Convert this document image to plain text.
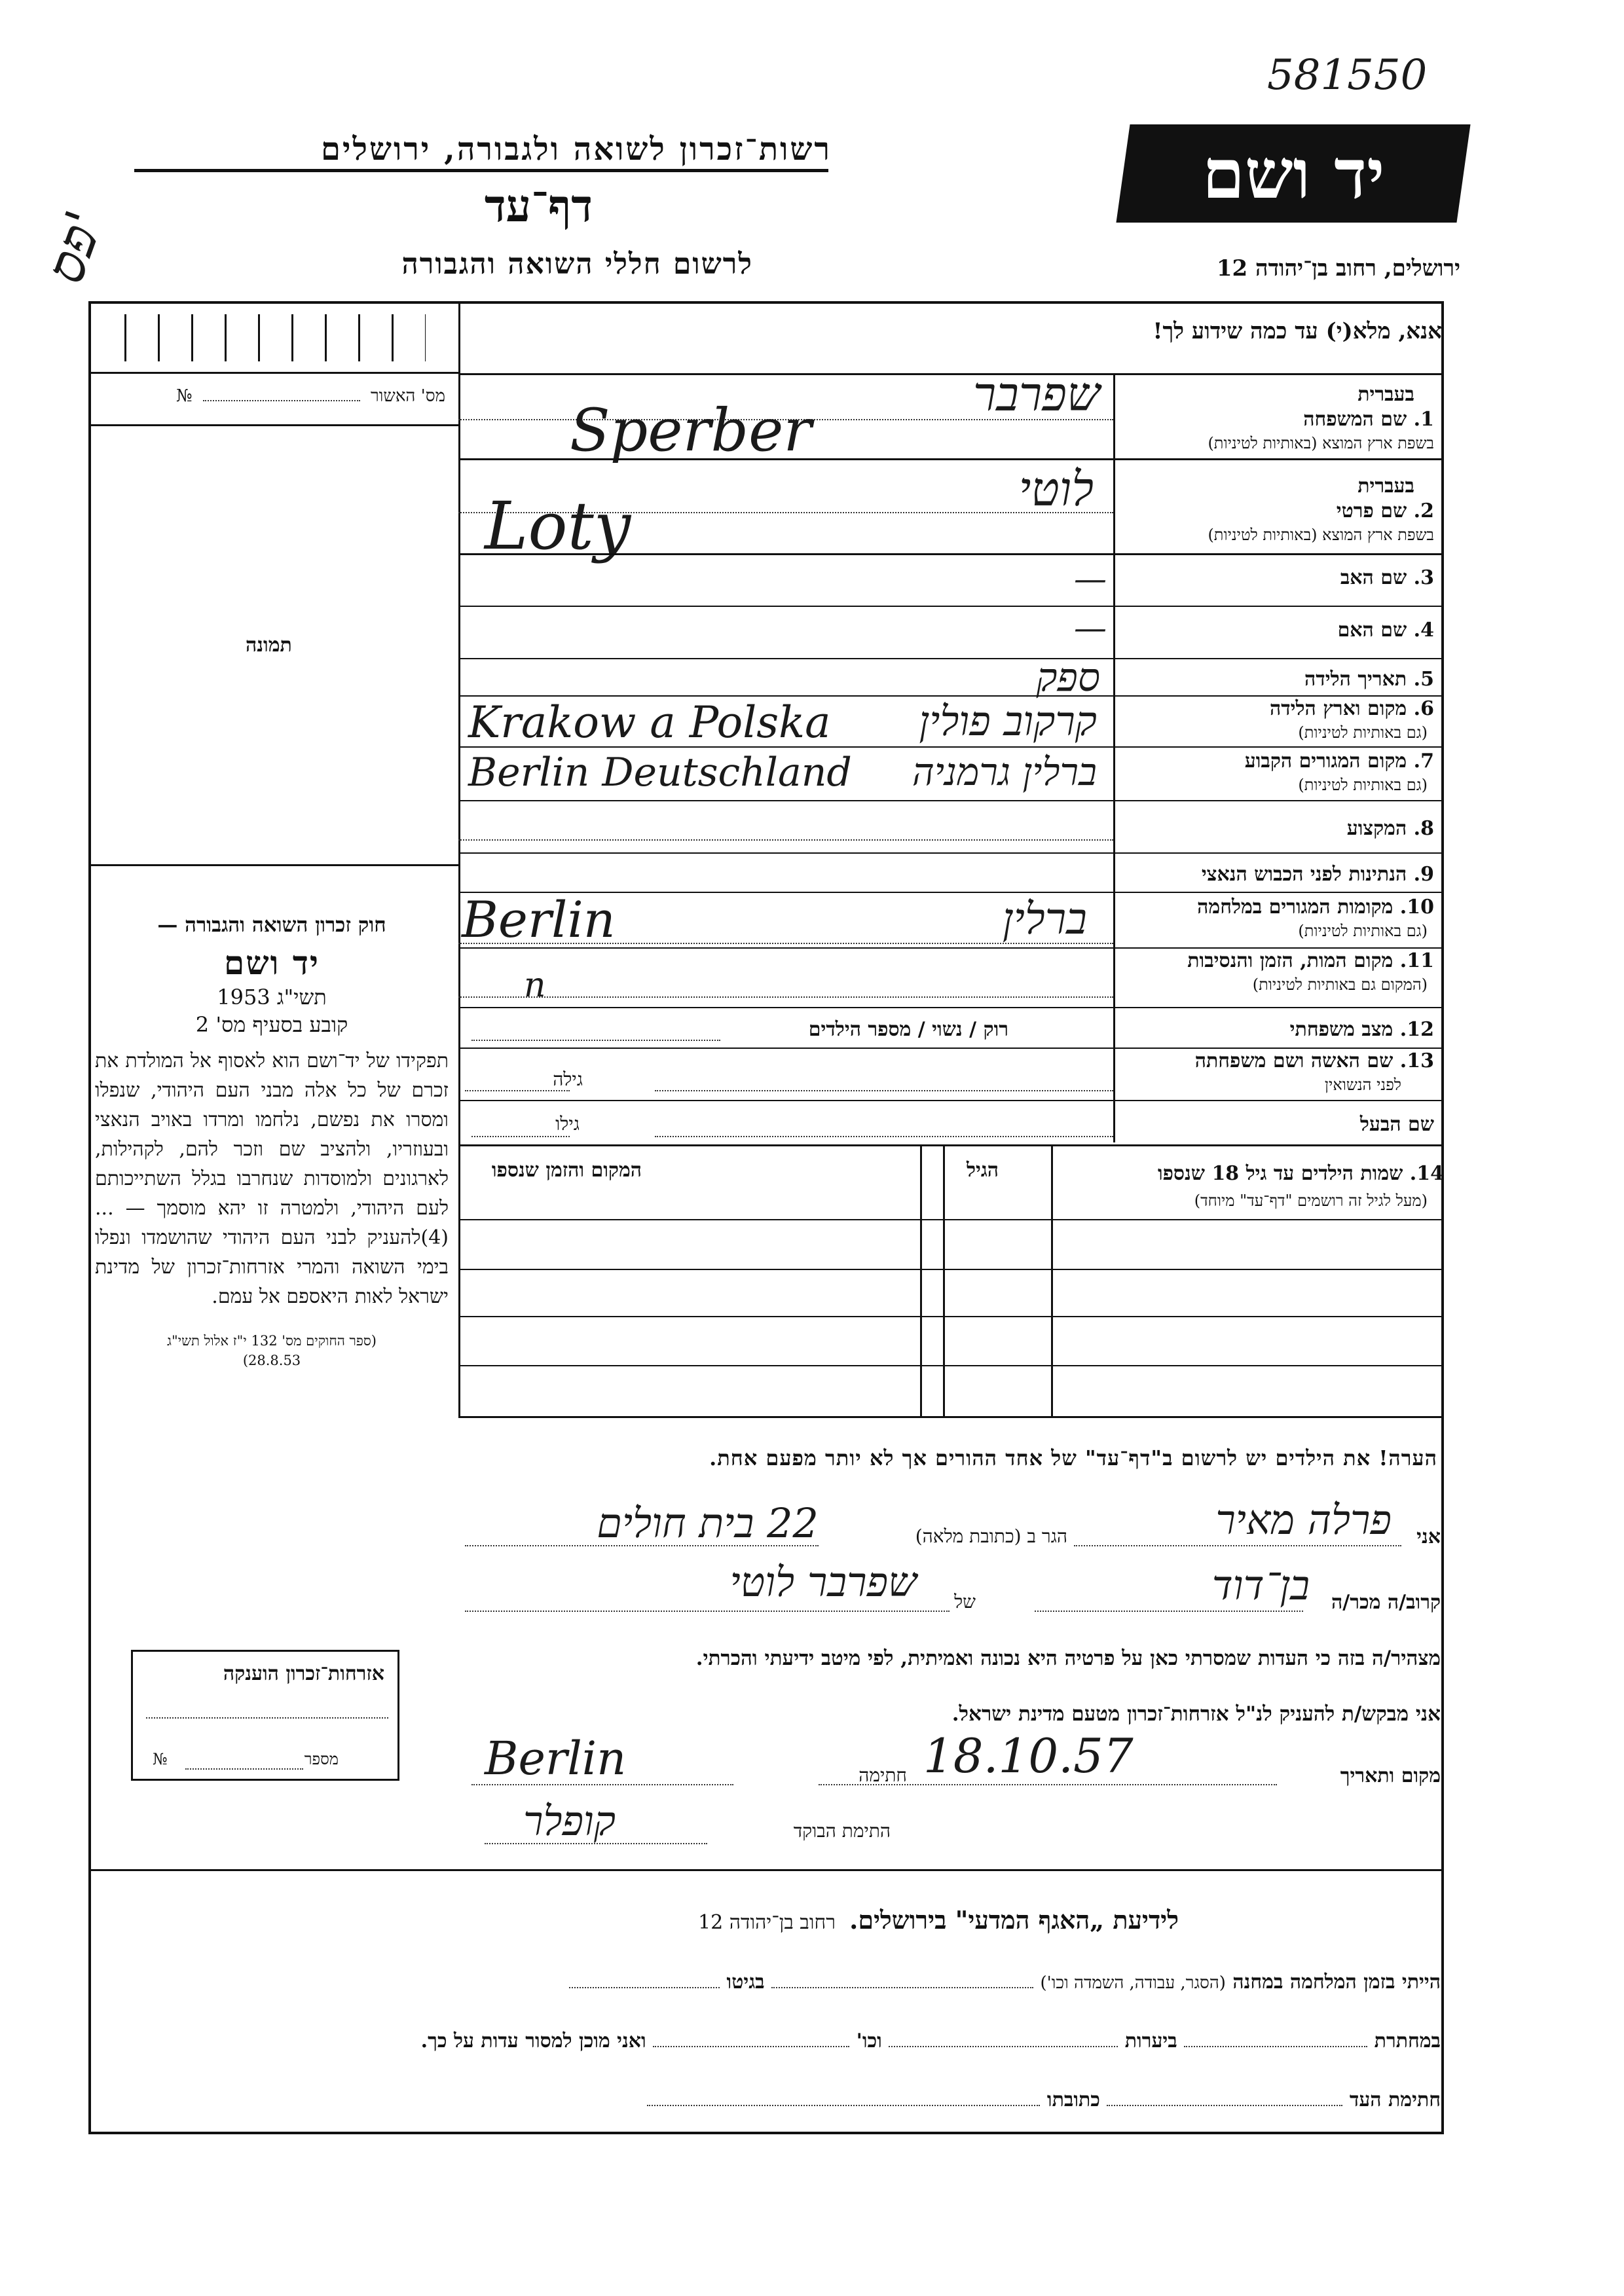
581550
פס'
רשות־זכרון לשואה ולגבורה, ירושלים
דף־עד
לרשום חללי השואה והגבורה
יד ושם
ירושלים, רחוב בן־יהודה 12
אנא, מלא(י) עד כמה שידוע לך!
מס' האשור  №
תמונה
בעברית
1. שם המשפחה
בשפת ארץ המוצא (באותיות לטיניות)
שפרבר
Sperber
בעברית
2. שם פרטי
בשפת ארץ המוצא (באותיות לטיניות)
לוטי
Loty
3. שם האב
—
4. שם האם
—
5. תאריך הלידה
ספק
6. מקום וארץ הלידה
(גם באותיות לטיניות)
Krakow a Polska קרקוב פולין
7. מקום המגורים הקבוע
(גם באותיות לטיניות)
Berlin Deutschland ברלין גרמניה
8. המקצוע
9. הנתינות לפני הכבוש הנאצי
10. מקומות המגורים במלחמה
(גם באותיות לטיניות)
Berlin	ברלין
11. מקום המות, הזמן והנסיבות
(המקום גם באותיות לטיניות)
n
12. מצב משפחתי
רוק / נשוי / מספר הילדים
13. שם האשה ושם משפחתה
לפני הנשואין
גילה
שם הבעל
גילו
14. שמות הילדים עד גיל 18 שנספו
(מעל לגיל זה רושמים "דף־עד" מיוחד)
הגיל
המקום והזמן שנספו
חוק זכרון השואה והגבורה —
יד ושם
תשי"ג 1953
קובע בסעיף מס' 2
תפקידו של יד־ושם הוא לאסוף אל המולדת את זכרם של כל אלה מבני העם היהודי, שנפלו ומסרו את נפשם, נלחמו ומרדו באויב הנאצי ובעוזריו, ולהציב שם וזכר להם, לקהילות, לארגונים ולמוסדות שנחרבו בגלל השתייכותם לעם היהודי, ולמטרה זו יהא מוסמך — ...(4)להעניק לבני העם היהודי שהושמדו ונפלו בימי השואה והמרי אזרחות־זכרון של מדינת ישראל לאות היאספם אל עמם.
(ספר החוקים מס' 132 י"ז אלול תשי"ג 28.8.53)
אזרחות־זכרון הוענקה
מספר
№
הערה! את הילדים יש לרשום ב"דף־עד" של אחד ההורים אך לא יותר מפעם אחת.
אני
פרלה מאיר
הגר ב (כתובת מלאה)
22 בית חולים
קרוב/ה מכר/ה
בן־דוד
של
שפרבר לוטי
מצהיר/ה בזה כי העדות שמסרתי כאן על פרטיה היא נכונה ואמיתית, לפי מיטב ידיעתי והכרתי.
אני מבקש/ת להעניק לנ"ל אזרחות־זכרון מטעם מדינת ישראל.
מקום ותאריך
18.10.57
חתימה
Berlin
התימת הבוקד
קופלר
לידיעת „האגף המדעי" בירושלים. רחוב בן־יהודה 12
הייתי בזמן המלחמה במחנה (הסגר, עבודה, השמדה וכו')  בגיטו
במחתרת  ביערות  וכו'  ואני מוכן למסור עדות על כך.
חתימת העד  כתובתו
